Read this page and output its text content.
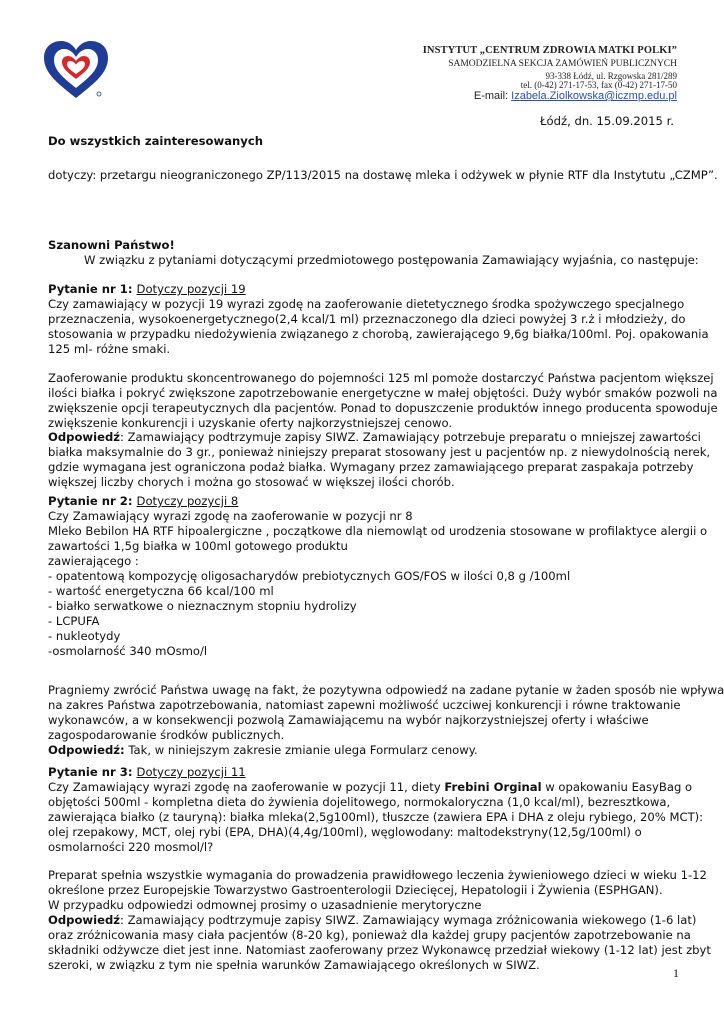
INSTYTUT „CENTRUM ZDROWIA MATKI POLKI”
SAMODZIELNA SEKCJA ZAMÓWIEŃ PUBLICZNYCH
93-338 Łódź, ul. Rzgowska 281/289
tel. (0-42) 271-17-53, fax (0-42) 271-17-50
E-mail: Izabela.Ziolkowska@iczmp.edu.pl
Łódź, dn. 15.09.2015 r.
Do wszystkich zainteresowanych
dotyczy: przetargu nieograniczonego ZP/113/2015 na dostawę mleka i odżywek w płynie RTF dla Instytutu „CZMP”.
Szanowni Państwo!
W związku z pytaniami dotyczącymi przedmiotowego postępowania Zamawiający wyjaśnia, co następuje:
Pytanie nr 1: Dotyczy pozycji 19
Czy zamawiający w pozycji 19 wyrazi zgodę na zaoferowanie dietetycznego środka spożywczego specjalnego
przeznaczenia, wysokoenergetycznego(2,4 kcal/1 ml) przeznaczonego dla dzieci powyżej 3 r.ż i młodzieży, do
stosowania w przypadku niedożywienia związanego z chorobą, zawierającego 9,6g białka/100ml. Poj. opakowania
125 ml- różne smaki.
Zaoferowanie produktu skoncentrowanego do pojemności 125 ml pomoże dostarczyć Państwa pacjentom większej
ilości białka i pokryć zwiększone zapotrzebowanie energetyczne w małej objętości. Duży wybór smaków pozwoli na
zwiększenie opcji terapeutycznych dla pacjentów. Ponad to dopuszczenie produktów innego producenta spowoduje
zwiększenie konkurencji i uzyskanie oferty najkorzystniejszej cenowo.
Odpowiedź: Zamawiający podtrzymuje zapisy SIWZ. Zamawiający potrzebuje preparatu o mniejszej zawartości
białka maksymalnie do 3 gr., ponieważ niniejszy preparat stosowany jest u pacjentów np. z niewydolnością nerek,
gdzie wymagana jest ograniczona podaż białka. Wymagany przez zamawiającego preparat zaspakaja potrzeby
większej liczby chorych i można go stosować w większej ilości chorób.
Pytanie nr 2: Dotyczy pozycji 8
Czy Zamawiający wyrazi zgodę na zaoferowanie w pozycji nr 8
Mleko Bebilon HA RTF hipoalergiczne , początkowe dla niemowląt od urodzenia stosowane w profilaktyce alergii o
zawartości 1,5g białka w 100ml gotowego produktu
zawierającego :
- opatentową kompozycję oligosacharydów prebiotycznych GOS/FOS w ilości 0,8 g /100ml
- wartość energetyczna 66 kcal/100 ml
- białko serwatkowe o nieznacznym stopniu hydrolizy
- LCPUFA
- nukleotydy
-osmolarność 340 mOsmo/l
Pragniemy zwrócić Państwa uwagę na fakt, że pozytywna odpowiedź na zadane pytanie w żaden sposób nie wpływa
na zakres Państwa zapotrzebowania, natomiast zapewni możliwość uczciwej konkurencji i równe traktowanie
wykonawców, a w konsekwencji pozwolą Zamawiającemu na wybór najkorzystniejszej oferty i właściwe
zagospodarowanie środków publicznych.
Odpowiedź: Tak, w niniejszym zakresie zmianie ulega Formularz cenowy.
Pytanie nr 3: Dotyczy pozycji 11
Czy Zamawiający wyrazi zgodę na zaoferowanie w pozycji 11, diety Frebini Orginal w opakowaniu EasyBag o
objętości 500ml - kompletna dieta do żywienia dojelitowego, normokaloryczna (1,0 kcal/ml), bezresztkowa,
zawierająca białko (z tauryną): białka mleka(2,5g100ml), tłuszcze (zawiera EPA i DHA z oleju rybiego, 20% MCT):
olej rzepakowy, MCT, olej rybi (EPA, DHA)(4,4g/100ml), węglowodany: maltodekstryny(12,5g/100ml) o
osmolarności 220 mosmol/l?
Preparat spełnia wszystkie wymagania do prowadzenia prawidłowego leczenia żywieniowego dzieci w wieku 1-12
określone przez Europejskie Towarzystwo Gastroenterologii Dziecięcej, Hepatologii i Żywienia (ESPHGAN).
W przypadku odpowiedzi odmownej prosimy o uzasadnienie merytoryczne
Odpowiedź: Zamawiający podtrzymuje zapisy SIWZ. Zamawiający wymaga zróżnicowania wiekowego (1-6 lat)
oraz zróżnicowania masy ciała pacjentów (8-20 kg), ponieważ dla każdej grupy pacjentów zapotrzebowanie na
składniki odżywcze diet jest inne. Natomiast zaoferowany przez Wykonawcę przedział wiekowy (1-12 lat) jest zbyt
szeroki, w związku z tym nie spełnia warunków Zamawiającego określonych w SIWZ.
1
